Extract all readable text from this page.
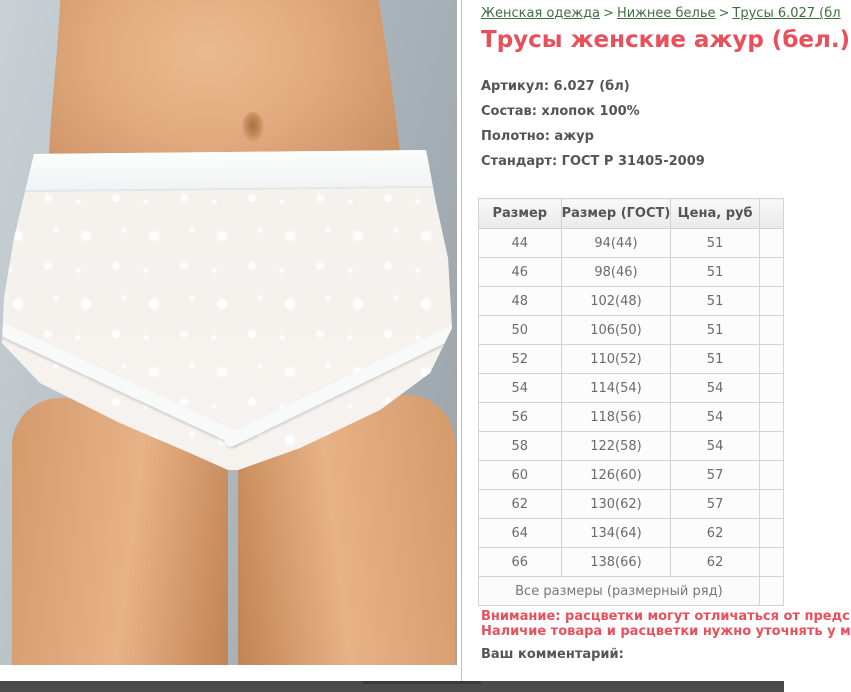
Женская одежда > Нижнее белье > Трусы 6.027 (бл
Трусы женские ажур (бел.)
Артикул: 6.027 (бл)
Состав: хлопок 100%
Полотно: ажур
Стандарт: ГОСТ Р 31405-2009
Размер	Размер (ГОСТ)	Цена, руб	
44	94(44)	51	
46	98(46)	51	
48	102(48)	51	
50	106(50)	51	
52	110(52)	51	
54	114(54)	54	
56	118(56)	54	
58	122(58)	54	
60	126(60)	57	
62	130(62)	57	
64	134(64)	62	
66	138(66)	62	
Все размеры (размерный ряд)			
Внимание: расцветки могут отличаться от предс
Наличие товара и расцветки нужно уточнять у м
Ваш комментарий:
